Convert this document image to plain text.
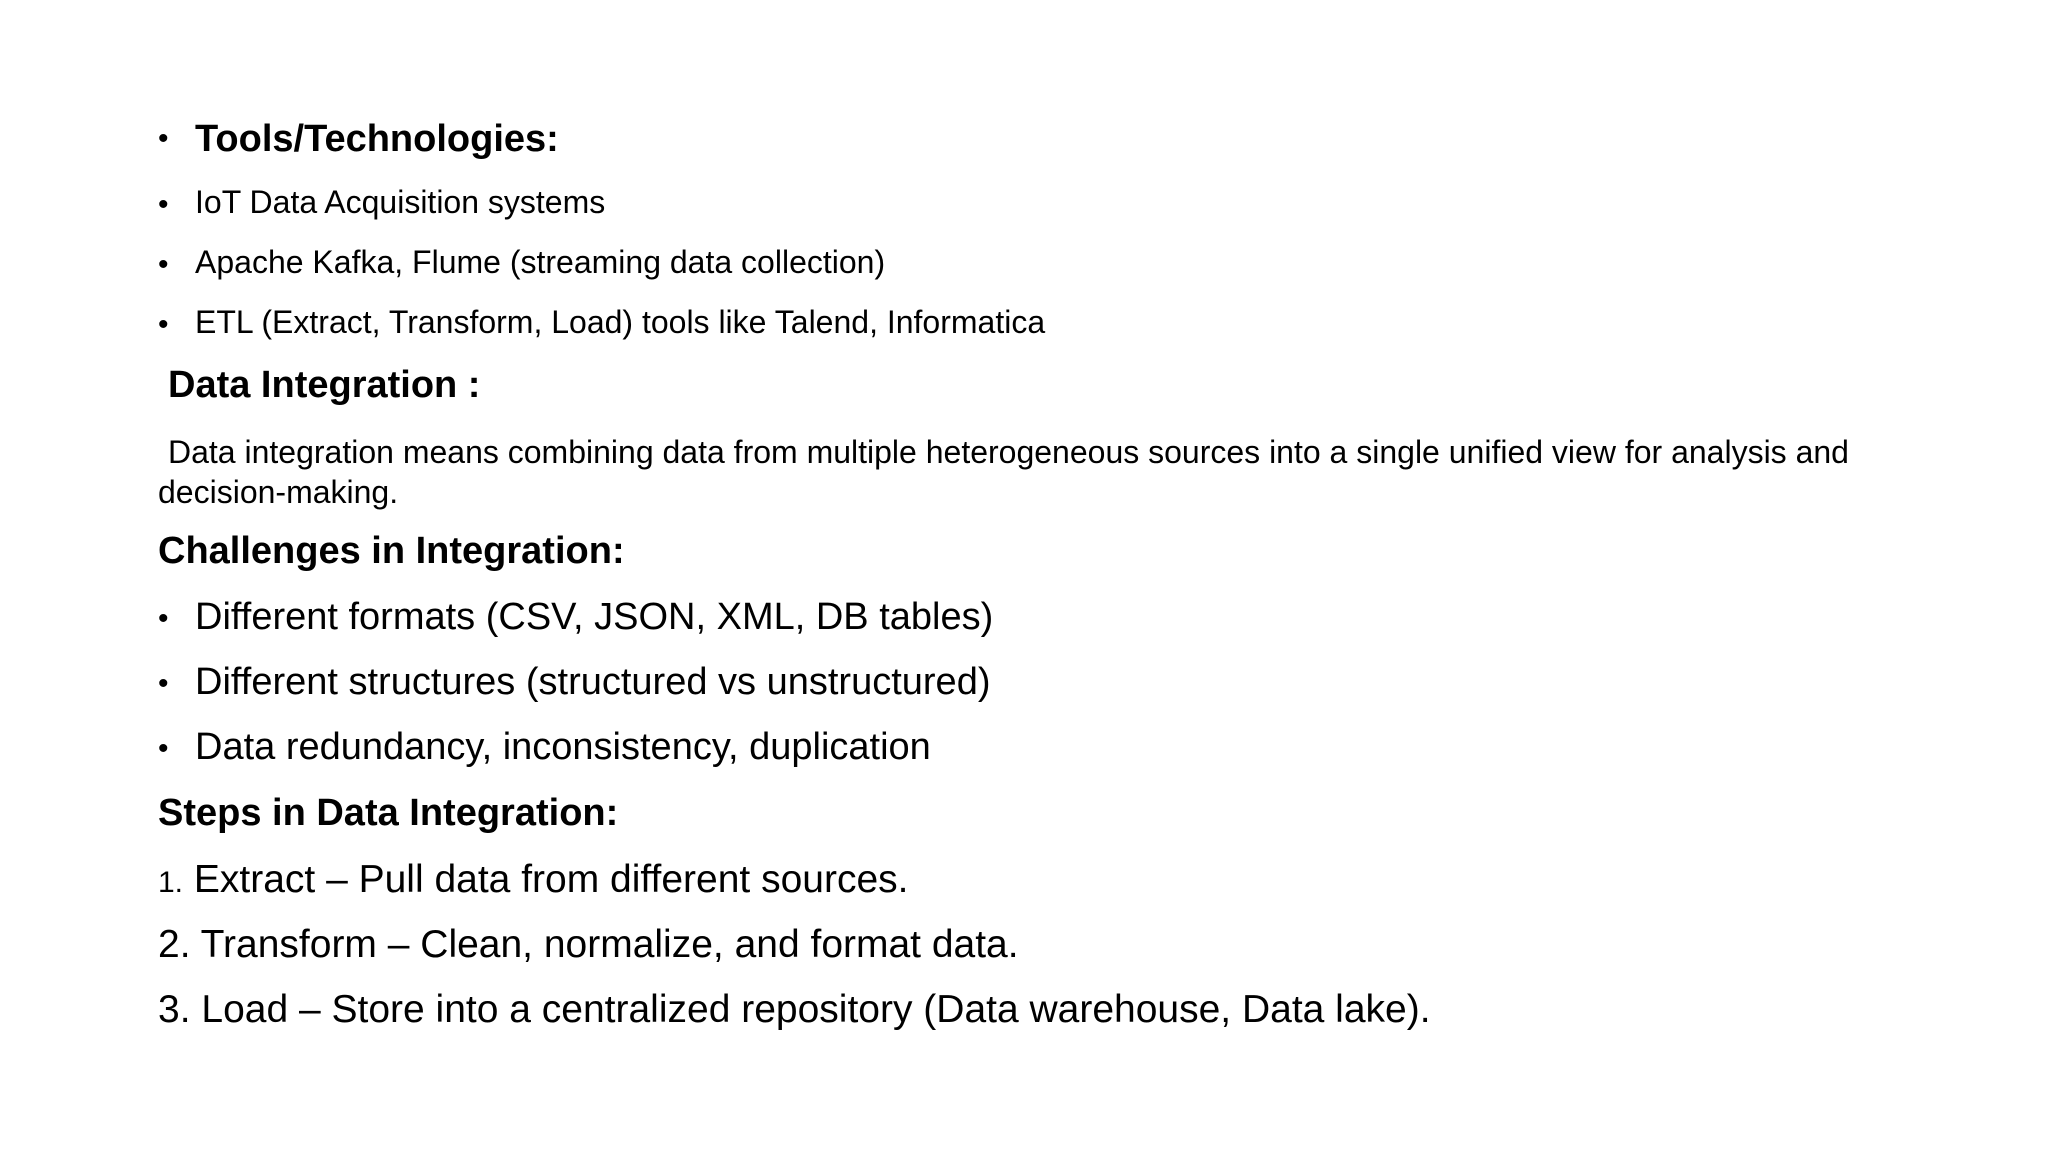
• Tools/Technologies:
• IoT Data Acquisition systems
• Apache Kafka, Flume (streaming data collection)
• ETL (Extract, Transform, Load) tools like Talend, Informatica
Data Integration :
Data integration means combining data from multiple heterogeneous sources into a single unified view for analysis and decision-making.
Challenges in Integration:
• Different formats (CSV, JSON, XML, DB tables)
• Different structures (structured vs unstructured)
• Data redundancy, inconsistency, duplication
Steps in Data Integration:
1. Extract – Pull data from different sources.
2. Transform – Clean, normalize, and format data.
3. Load – Store into a centralized repository (Data warehouse, Data lake).
